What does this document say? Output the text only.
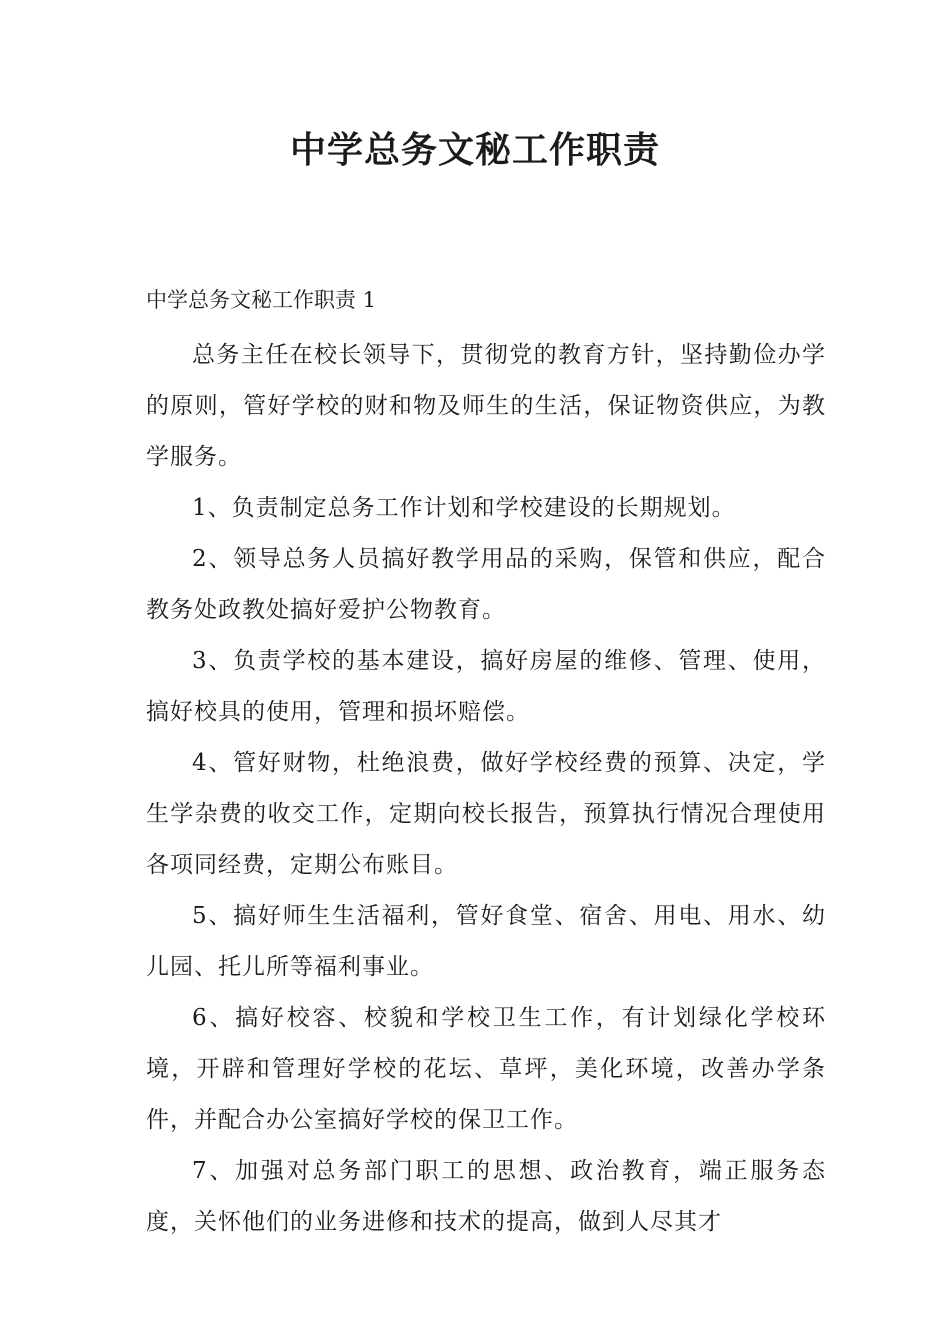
中学总务文秘工作职责
中学总务文秘工作职责 1

总务主任在校长领导下，贯彻党的教育方针，坚持勤俭办学的原则，管好学校的财和物及师生的生活，保证物资供应，为教学服务。

1、负责制定总务工作计划和学校建设的长期规划。

2、领导总务人员搞好教学用品的采购，保管和供应，配合教务处政教处搞好爱护公物教育。

3、负责学校的基本建设，搞好房屋的维修、管理、使用，搞好校具的使用，管理和损坏赔偿。

4、管好财物，杜绝浪费，做好学校经费的预算、决定，学生学杂费的收交工作，定期向校长报告，预算执行情况合理使用各项同经费，定期公布账目。

5、搞好师生生活福利，管好食堂、宿舍、用电、用水、幼儿园、托儿所等福利事业。

6、搞好校容、校貌和学校卫生工作，有计划绿化学校环境，开辟和管理好学校的花坛、草坪，美化环境，改善办学条件，并配合办公室搞好学校的保卫工作。

7、加强对总务部门职工的思想、政治教育，端正服务态度，关怀他们的业务进修和技术的提高，做到人尽其才
